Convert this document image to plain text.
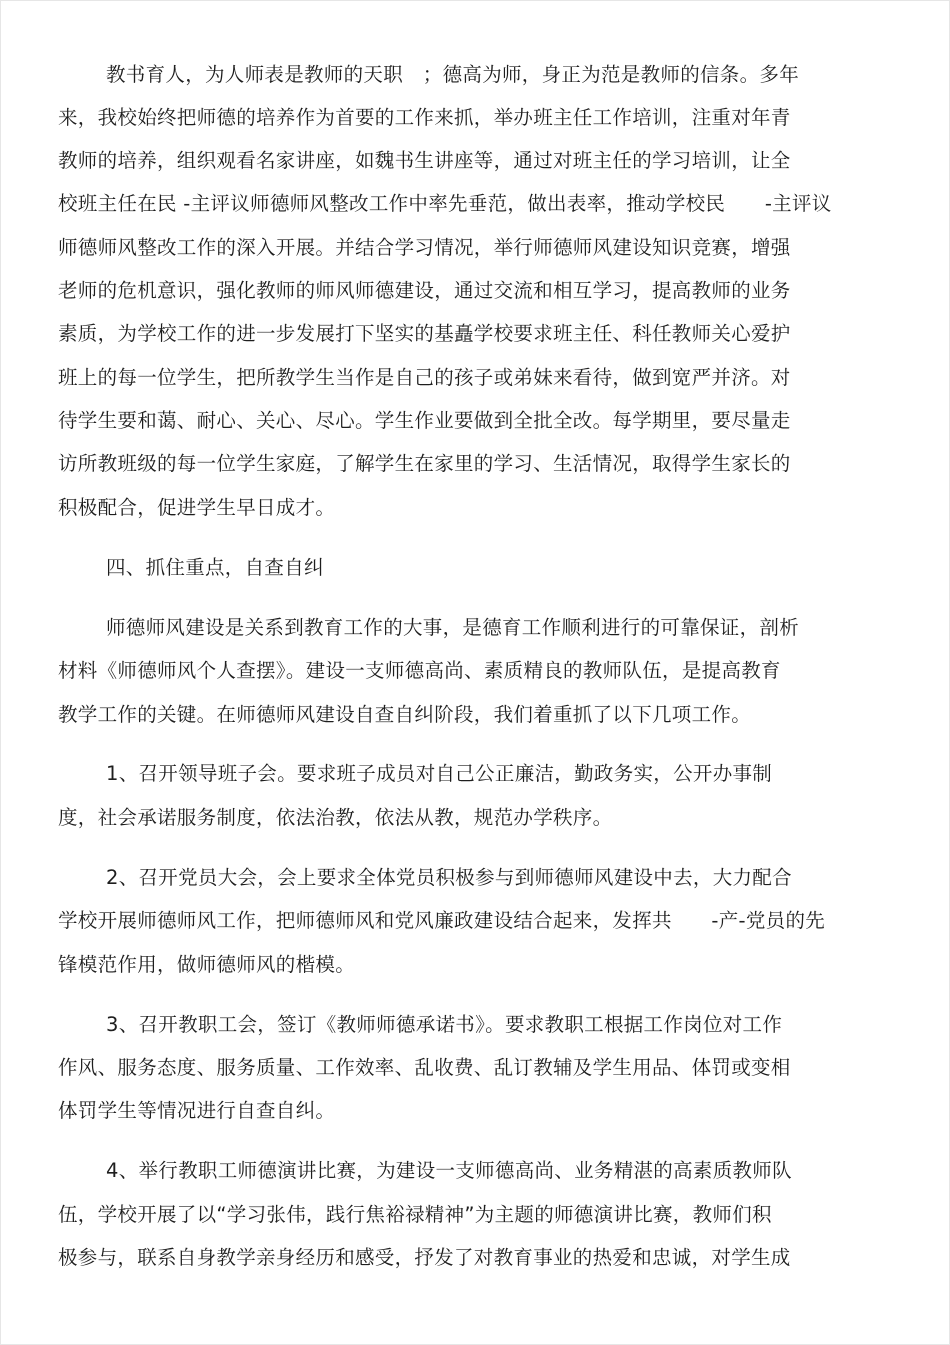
教书育人，为人师表是教师的天职　；德高为师，身正为范是教师的信条。多年
来，我校始终把师德的培养作为首要的工作来抓，举办班主任工作培训，注重对年青
教师的培养，组织观看名家讲座，如魏书生讲座等，通过对班主任的学习培训，让全
校班主任在民 -主评议师德师风整改工作中率先垂范，做出表率，推动学校民　　-主评议
师德师风整改工作的深入开展。并结合学习情况，举行师德师风建设知识竞赛，增强
老师的危机意识，强化教师的师风师德建设，通过交流和相互学习，提高教师的业务
素质，为学校工作的进一步发展打下坚实的基矗学校要求班主任、科任教师关心爱护
班上的每一位学生，把所教学生当作是自己的孩子或弟妹来看待，做到宽严并济。对
待学生要和蔼、耐心、关心、尽心。学生作业要做到全批全改。每学期里，要尽量走
访所教班级的每一位学生家庭，了解学生在家里的学习、生活情况，取得学生家长的
积极配合，促进学生早日成才。
四、抓住重点，自查自纠
师德师风建设是关系到教育工作的大事，是德育工作顺利进行的可靠保证，剖析
材料《师德师风个人查摆》。建设一支师德高尚、素质精良的教师队伍，是提高教育
教学工作的关键。在师德师风建设自查自纠阶段，我们着重抓了以下几项工作。
1、召开领导班子会。要求班子成员对自己公正廉洁，勤政务实，公开办事制
度，社会承诺服务制度，依法治教，依法从教，规范办学秩序。
2、召开党员大会，会上要求全体党员积极参与到师德师风建设中去，大力配合
学校开展师德师风工作，把师德师风和党风廉政建设结合起来，发挥共　　-产-党员的先
锋模范作用，做师德师风的楷模。
3、召开教职工会，签订《教师师德承诺书》。要求教职工根据工作岗位对工作
作风、服务态度、服务质量、工作效率、乱收费、乱订教辅及学生用品、体罚或变相
体罚学生等情况进行自查自纠。
4、举行教职工师德演讲比赛，为建设一支师德高尚、业务精湛的高素质教师队
伍，学校开展了以“学习张伟，践行焦裕禄精神”为主题的师德演讲比赛，教师们积
极参与，联系自身教学亲身经历和感受，抒发了对教育事业的热爱和忠诚，对学生成
